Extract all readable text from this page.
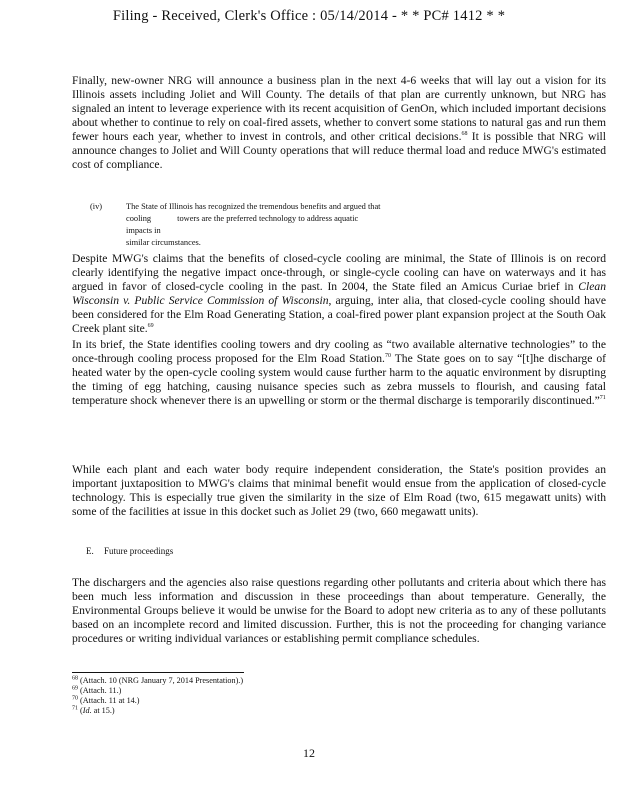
Filing - Received, Clerk's Office : 05/14/2014 - * * PC# 1412 * *
Finally, new-owner NRG will announce a business plan in the next 4-6 weeks that will lay out a vision for its Illinois assets including Joliet and Will County. The details of that plan are currently unknown, but NRG has signaled an intent to leverage experience with its recent acquisition of GenOn, which included important decisions about whether to continue to rely on coal-fired assets, whether to convert some stations to natural gas and run them fewer hours each year, whether to invest in controls, and other critical decisions.$^{68}$ It is possible that NRG will announce changes to Joliet and Will County operations that will reduce thermal load and reduce MWG's estimated cost of compliance.
(iv)	The State of Illinois has recognized the tremendous benefits and argued that
cooling	towers are the preferred technology to address aquatic impacts in
similar circumstances.
Despite MWG's claims that the benefits of closed-cycle cooling are minimal, the State of Illinois is on record clearly identifying the negative impact once-through, or single-cycle cooling can have on waterways and it has argued in favor of closed-cycle cooling in the past. In 2004, the State filed an Amicus Curiae brief in Clean Wisconsin v. Public Service Commission of Wisconsin, arguing, inter alia, that closed-cycle cooling should have been considered for the Elm Road Generating Station, a coal-fired power plant expansion project at the South Oak Creek plant site.$^{69}$
In its brief, the State identifies cooling towers and dry cooling as “two available alternative technologies” to the once-through cooling process proposed for the Elm Road Station.$^{70}$ The State goes on to say “[t]he discharge of heated water by the open-cycle cooling system would cause further harm to the aquatic environment by disrupting the timing of egg hatching, causing nuisance species such as zebra mussels to flourish, and causing fatal temperature shock whenever there is an upwelling or storm or the thermal discharge is temporarily discontinued.”$^{71}$
While each plant and each water body require independent consideration, the State's position provides an important juxtaposition to MWG's claims that minimal benefit would ensue from the application of closed-cycle technology. This is especially true given the similarity in the size of Elm Road (two, 615 megawatt units) with some of the facilities at issue in this docket such as Joliet 29 (two, 660 megawatt units).
E. Future proceedings
The dischargers and the agencies also raise questions regarding other pollutants and criteria about which there has been much less information and discussion in these proceedings than about temperature. Generally, the Environmental Groups believe it would be unwise for the Board to adopt new criteria as to any of these pollutants based on an incomplete record and limited discussion. Further, this is not the proceeding for changing variance procedures or writing individual variances or establishing permit compliance schedules.
$^{68}$ (Attach. 10 (NRG January 7, 2014 Presentation).)
$^{69}$ (Attach. 11.)
$^{70}$ (Attach. 11 at 14.)
$^{71}$ (Id. at 15.)
12
